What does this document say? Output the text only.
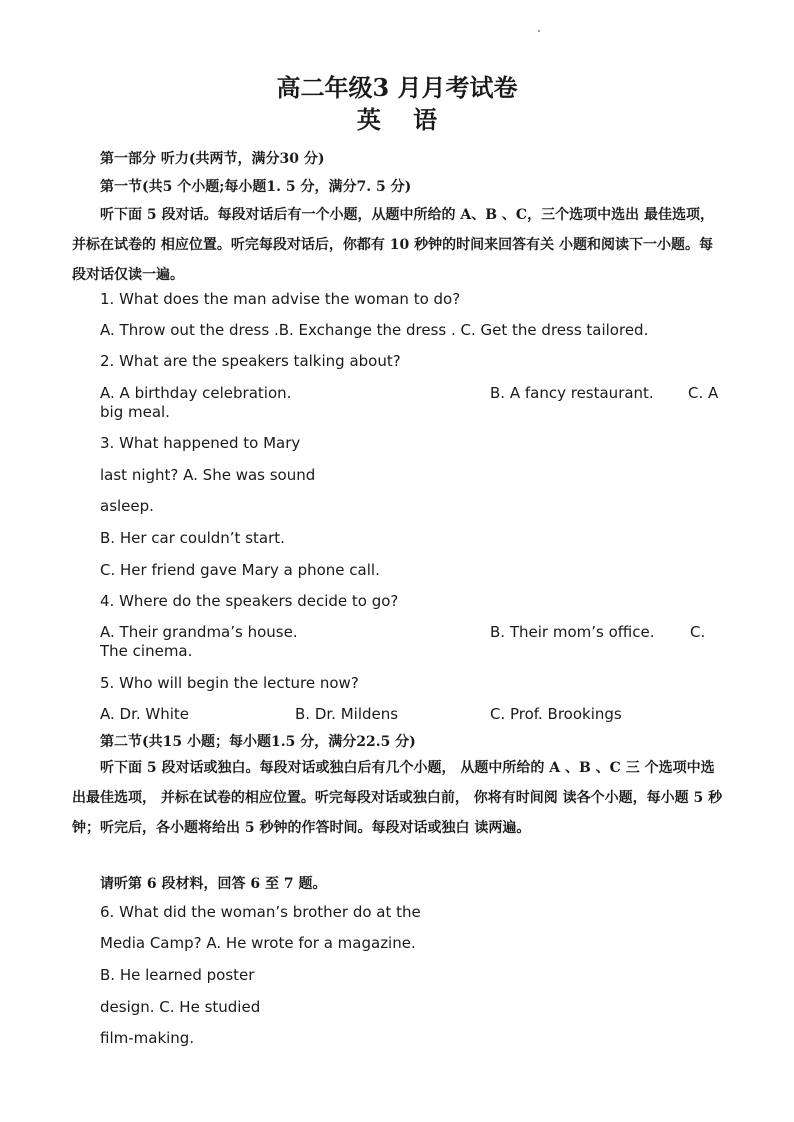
高二年级3 月月考试卷
英　 语
第一部分 听力(共两节，满分30 分)
第一节(共5 个小题;每小题1. 5 分，满分7. 5 分)
听下面 5 段对话。每段对话后有一个小题，从题中所给的 A、B 、C，三个选项中选出 最佳选项， 并标在试卷的 相应位置。听完每段对话后，你都有 10 秒钟的时间来回答有关 小题和阅读下一小题。每段对话仅读一遍。
1. What does the man advise the woman to do?
A. Throw out the dress .B. Exchange the dress . C. Get the dress tailored.
2. What are the speakers talking about?
A. A birthday celebration.	B. A fancy restaurant. C. A
big meal.
3. What happened to Mary
last night? A. She was sound
asleep.
B. Her car couldn’t start.
C. Her friend gave Mary a phone call.
4. Where do the speakers decide to go?
A. Their grandma’s house.	B. Their mom’s office. C.
The cinema.
5. Who will begin the lecture now?
A. Dr. White	B. Dr. Mildens	C. Prof. Brookings
第二节(共15 小题；每小题1.5 分，满分22.5 分)
听下面 5 段对话或独白。每段对话或独白后有几个小题， 从题中所给的 A 、B 、C 三 个选项中选出最佳选项， 并标在试卷的相应位置。听完每段对话或独白前， 你将有时间阅 读各个小题，每小题 5 秒钟；听完后，各小题将给出 5 秒钟的作答时间。每段对话或独白 读两遍。
请听第 6 段材料，回答 6 至 7 题。
6. What did the woman’s brother do at the
Media Camp? A. He wrote for a magazine.
B. He learned poster
design. C. He studied
film-making.
